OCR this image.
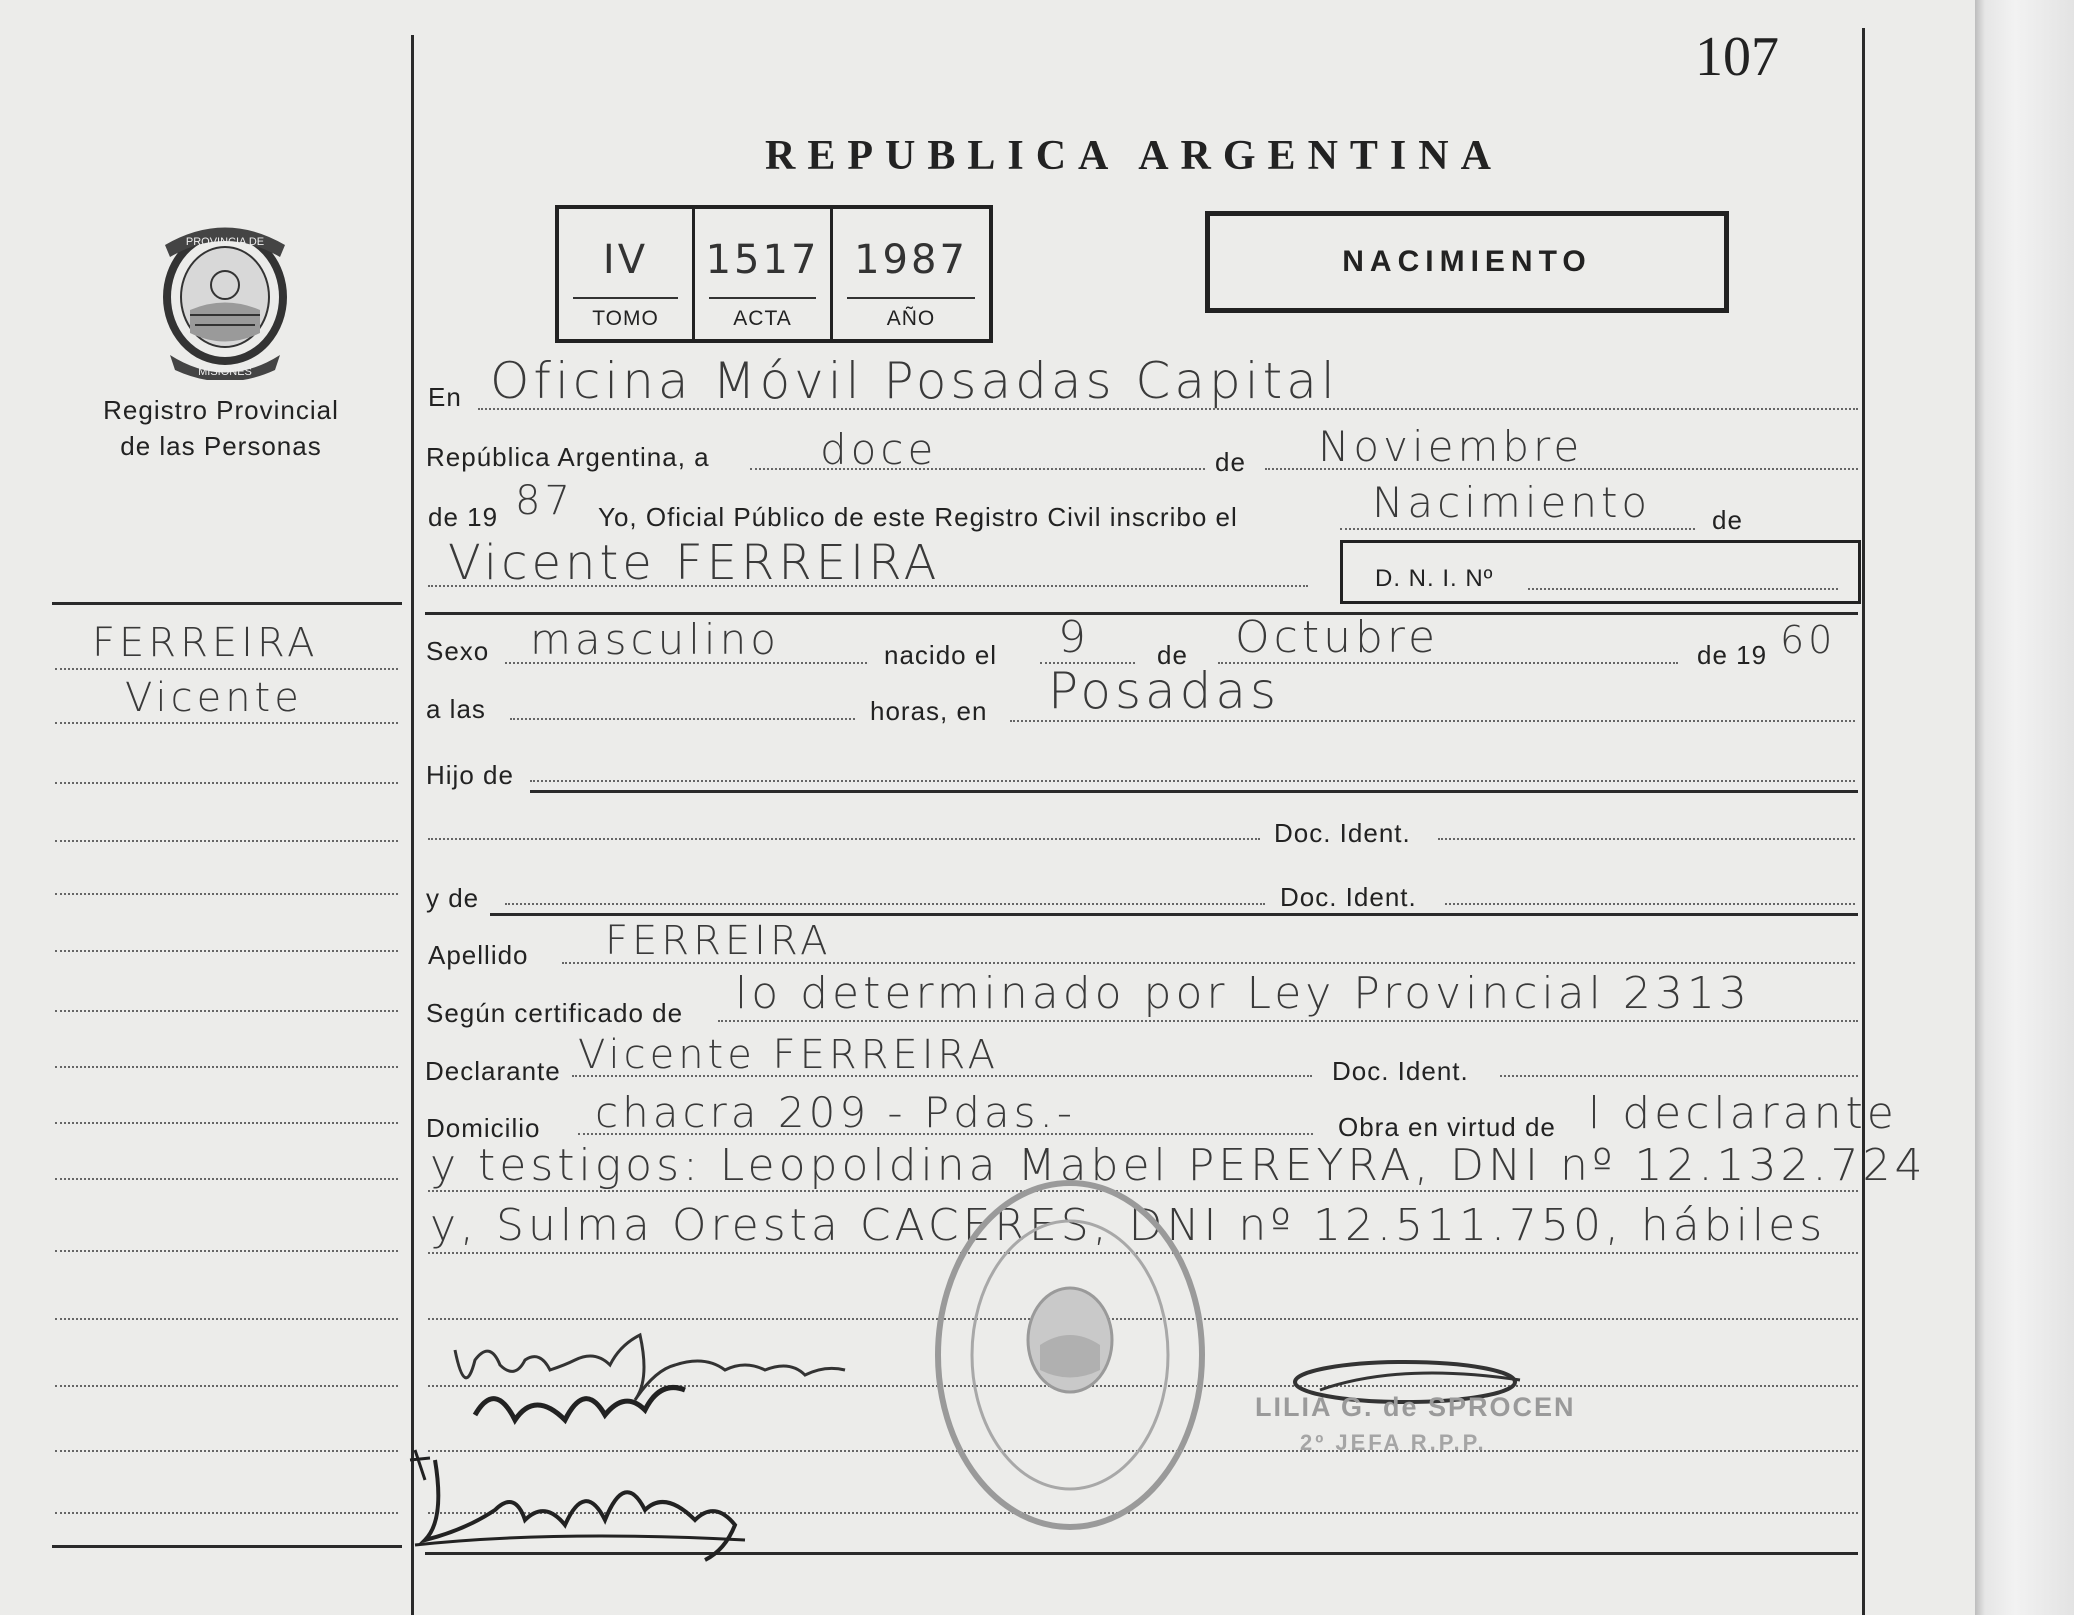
107
REPUBLICA ARGENTINA
IV
TOMO
1517
ACTA
1987
AÑO
NACIMIENTO
PROVINCIA DE
MISIONES
Registro Provincial
de las Personas
FERREIRA
Vicente
En Oficina Móvil Posadas Capital
República Argentina, a	doce	de Noviembre
de 19 87 Yo, Oficial Público de este Registro Civil inscribo el	Nacimiento de
Vicente FERREIRA	D. N. I. Nº
Sexo masculino	nacido el 9	de Octubre	de 19 60
a las	horas, en Posadas
Hijo de
Doc. Ident.
y de	Doc. Ident.
Apellido FERREIRA
Según certificado de lo determinado por Ley Provincial 2313
Declarante Vicente FERREIRA	Doc. Ident.
Domicilio chacra 209 - Pdas.-	Obra en virtud de l declarante
y testigos: Leopoldina Mabel PEREYRA, DNI nº 12.132.724
y, Sulma Oresta CACERES, DNI nº 12.511.750, hábiles
LILIA G. de SPROCEN
2º JEFA R.P.P.
